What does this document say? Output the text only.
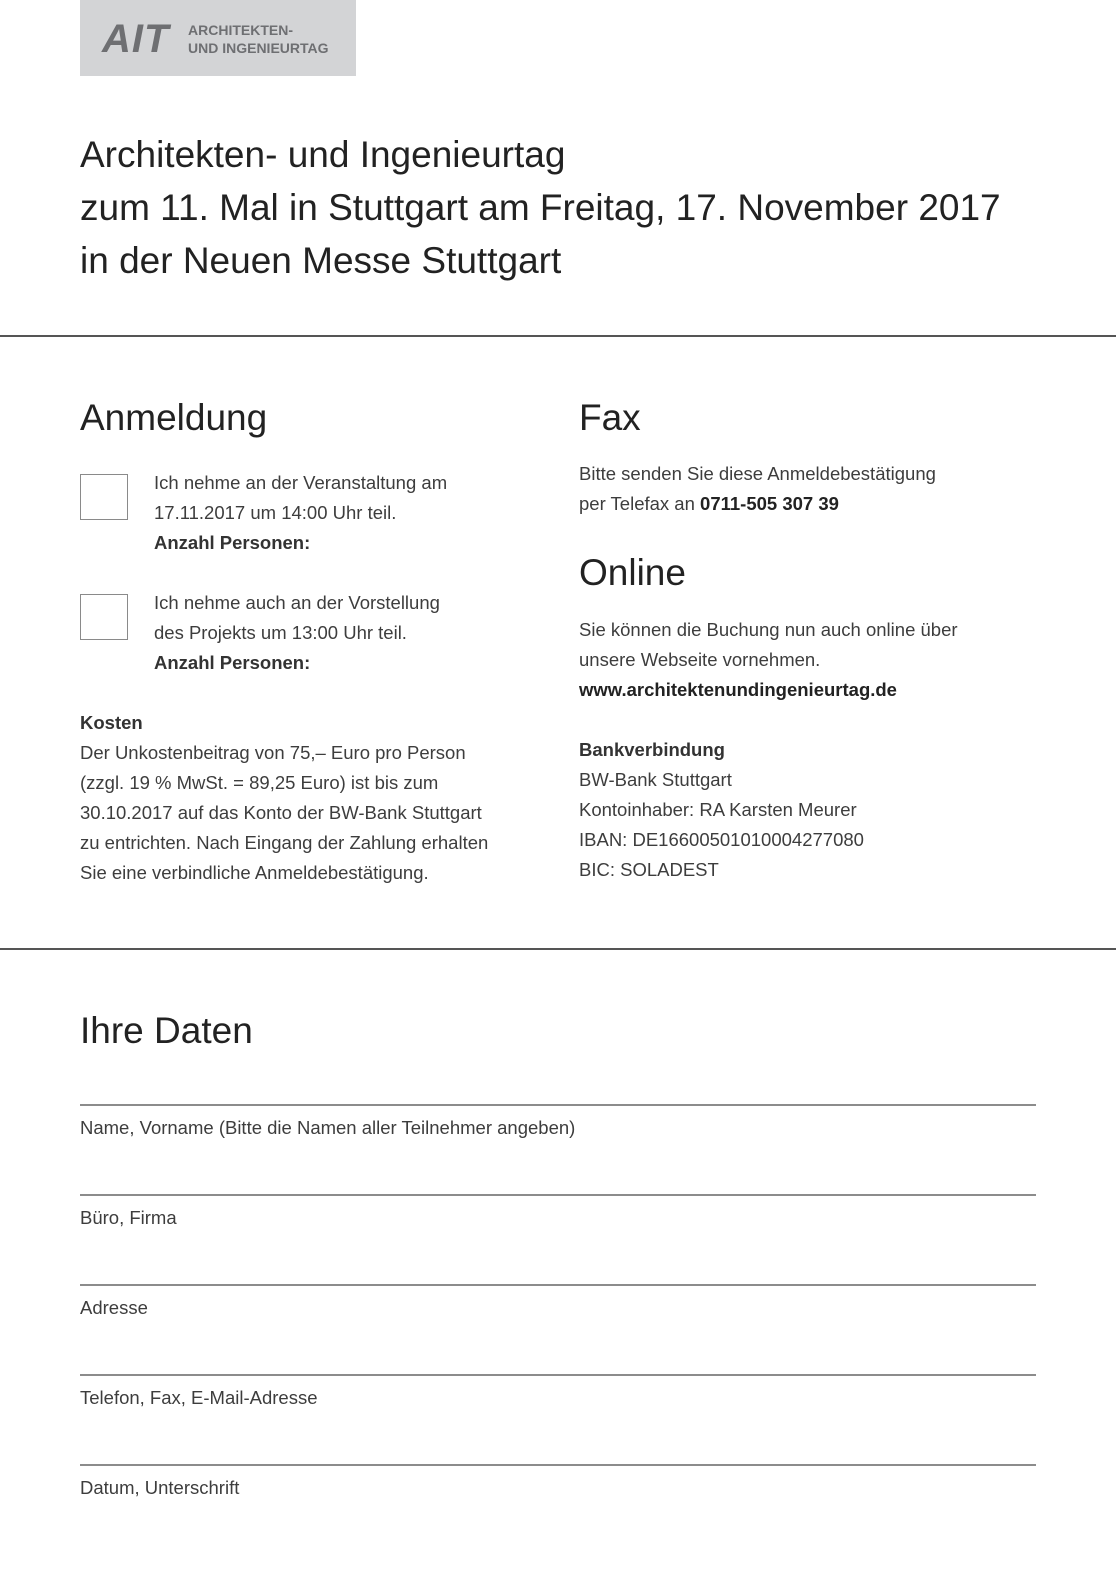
AIT ARCHITEKTEN-
UND INGENIEURTAG
Architekten- und Ingenieurtag
zum 11. Mal in Stuttgart am Freitag, 17. November 2017
in der Neuen Messe Stuttgart
Anmeldung
Ich nehme an der Veranstaltung am
17.11.2017 um 14:00 Uhr teil.
Anzahl Personen:
Ich nehme auch an der Vorstellung
des Projekts um 13:00 Uhr teil.
Anzahl Personen:
Kosten
Der Unkostenbeitrag von 75,– Euro pro Person
(zzgl. 19 % MwSt. = 89,25 Euro) ist bis zum
30.10.2017 auf das Konto der BW-Bank Stuttgart
zu entrichten. Nach Eingang der Zahlung erhalten
Sie eine verbindliche Anmeldebestätigung.
Fax
Bitte senden Sie diese Anmeldebestätigung
per Telefax an 0711-505 307 39
Online
Sie können die Buchung nun auch online über
unsere Webseite vornehmen.
www.architektenundingenieurtag.de
Bankverbindung
BW-Bank Stuttgart
Kontoinhaber: RA Karsten Meurer
IBAN: DE16600501010004277080
BIC: SOLADEST
Ihre Daten
Name, Vorname (Bitte die Namen aller Teilnehmer angeben)
Büro, Firma
Adresse
Telefon, Fax, E-Mail-Adresse
Datum, Unterschrift
